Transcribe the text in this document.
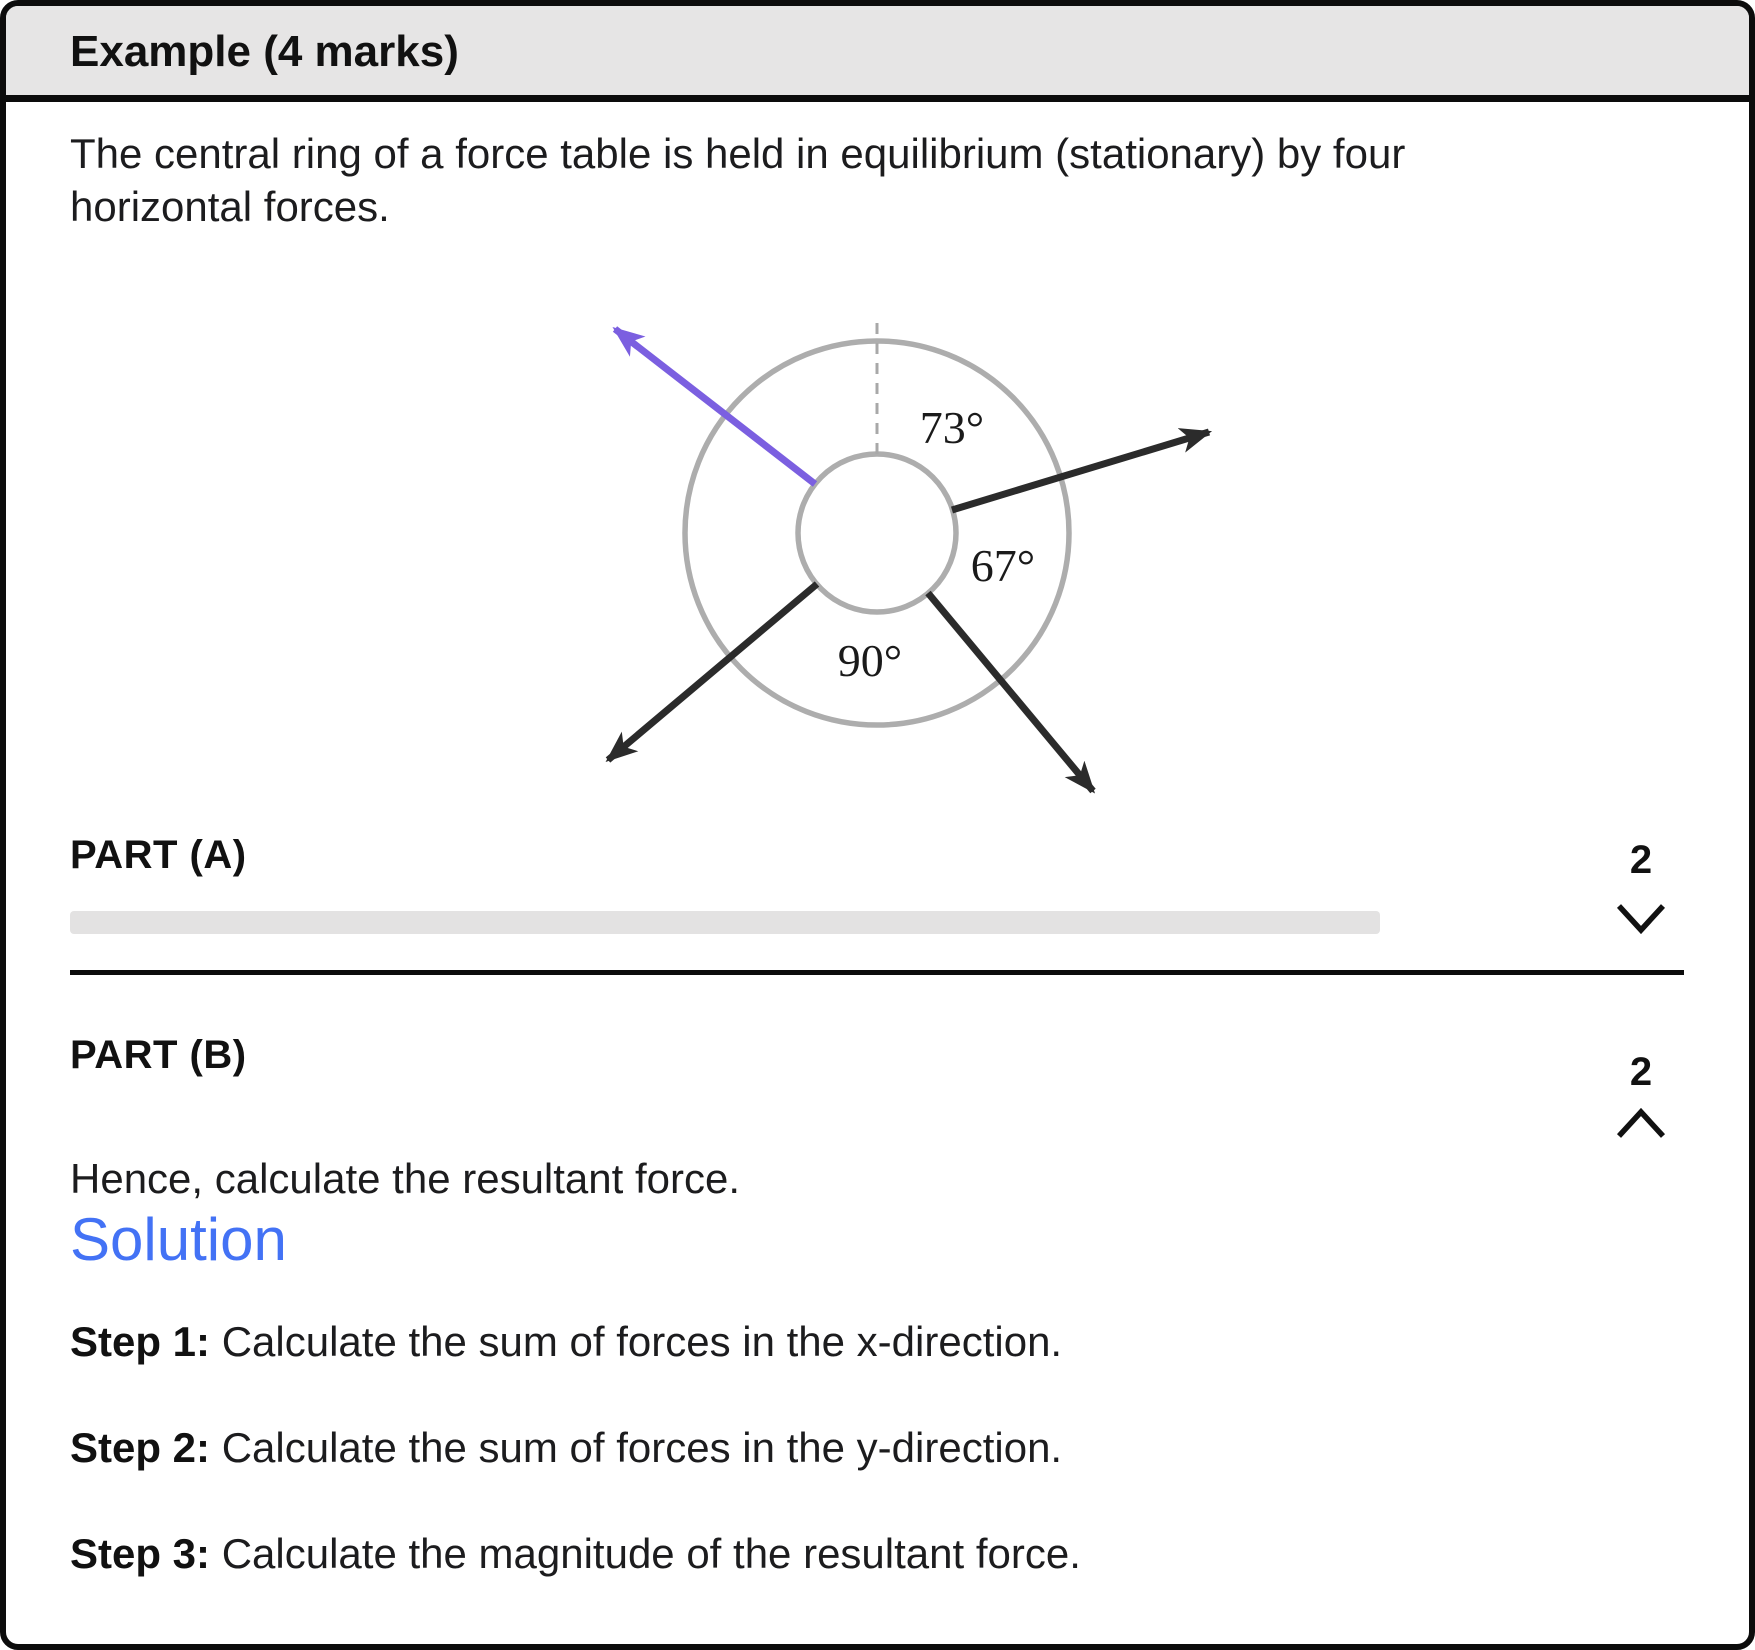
Example (4 marks)
The central ring of a force table is held in equilibrium (stationary) by four
horizontal forces.
73°
67°
90°
PART (A)	2
PART (B)	2
Hence, calculate the resultant force.
Solution
Step 1: Calculate the sum of forces in the x-direction.
Step 2: Calculate the sum of forces in the y-direction.
Step 3: Calculate the magnitude of the resultant force.
